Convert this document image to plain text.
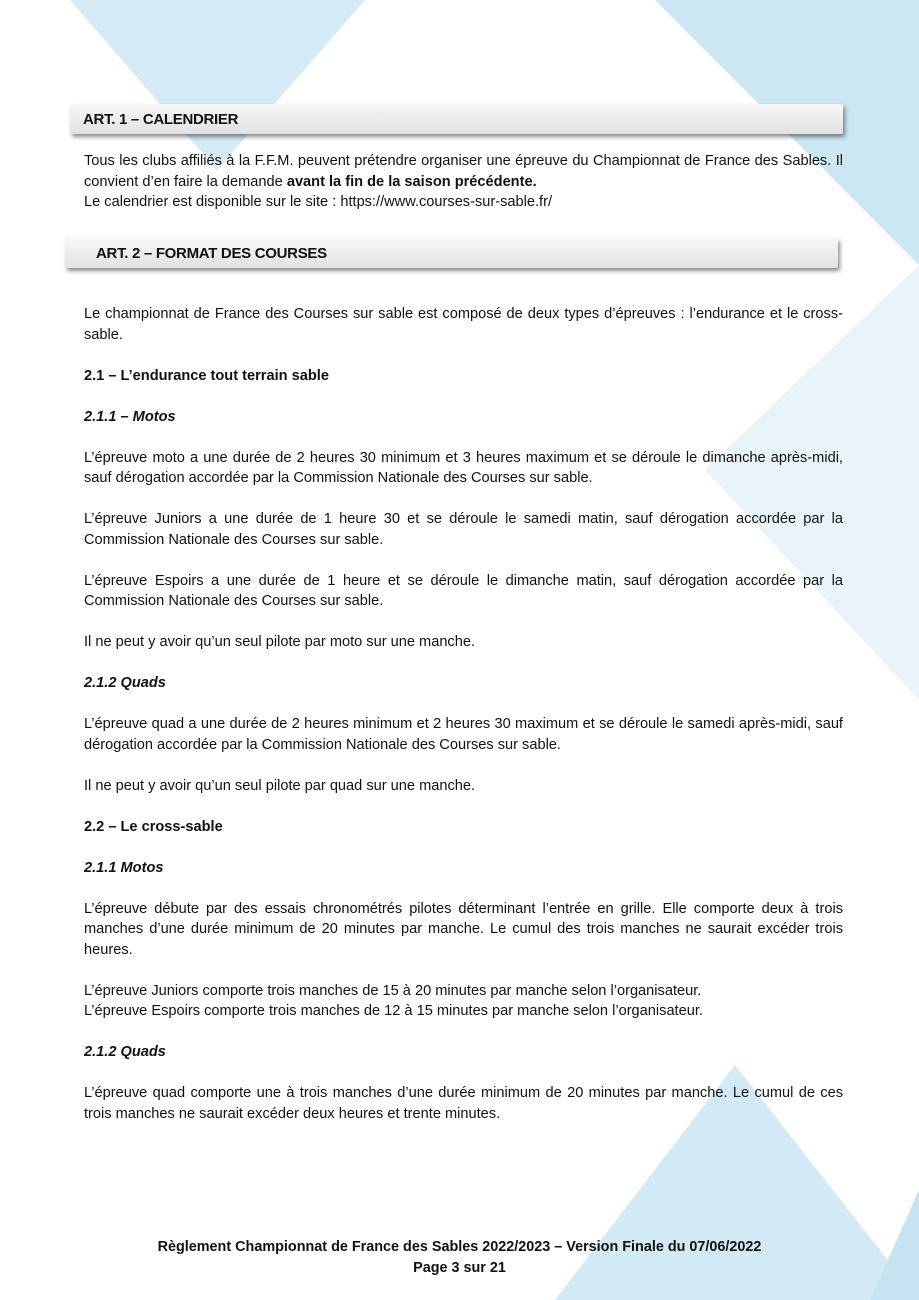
ART. 1 – CALENDRIER

Tous les clubs affiliés à la F.F.M. peuvent prétendre organiser une épreuve du Championnat de France des Sables. Il convient d’en faire la demande avant la fin de la saison précédente.

Le calendrier est disponible sur le site : https://www.courses-sur-sable.fr/

ART. 2 – FORMAT DES COURSES

Le championnat de France des Courses sur sable est composé de deux types d’épreuves : l’endurance et le cross-sable.

2.1 – L’endurance tout terrain sable

2.1.1 – Motos

L’épreuve moto a une durée de 2 heures 30 minimum et 3 heures maximum et se déroule le dimanche après-midi, sauf dérogation accordée par la Commission Nationale des Courses sur sable.

L’épreuve Juniors a une durée de 1 heure 30 et se déroule le samedi matin, sauf dérogation accordée par la Commission Nationale des Courses sur sable.

L’épreuve Espoirs a une durée de 1 heure et se déroule le dimanche matin, sauf dérogation accordée par la Commission Nationale des Courses sur sable.

Il ne peut y avoir qu’un seul pilote par moto sur une manche.

2.1.2 Quads

L’épreuve quad a une durée de 2 heures minimum et 2 heures 30 maximum et se déroule le samedi après-midi, sauf dérogation accordée par la Commission Nationale des Courses sur sable.

Il ne peut y avoir qu’un seul pilote par quad sur une manche.

2.2 – Le cross-sable

2.1.1 Motos

L’épreuve débute par des essais chronométrés pilotes déterminant l’entrée en grille. Elle comporte deux à trois manches d’une durée minimum de 20 minutes par manche. Le cumul des trois manches ne saurait excéder trois heures.

L’épreuve Juniors comporte trois manches de 15 à 20 minutes par manche selon l’organisateur.

L’épreuve Espoirs comporte trois manches de 12 à 15 minutes par manche selon l’organisateur.

2.1.2 Quads

L’épreuve quad comporte une à trois manches d’une durée minimum de 20 minutes par manche. Le cumul de ces trois manches ne saurait excéder deux heures et trente minutes.

Règlement Championnat de France des Sables 2022/2023 – Version Finale du 07/06/2022
Page 3 sur 21
